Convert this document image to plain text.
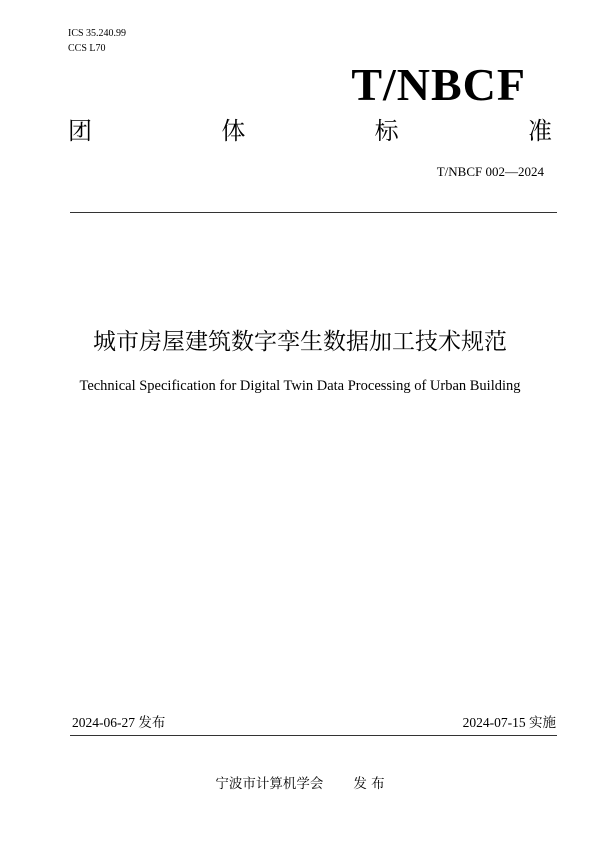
ICS 35.240.99
CCS L70
T/NBCF
团	体	标	准
T/NBCF 002—2024
城市房屋建筑数字孪生数据加工技术规范
Technical Specification for Digital Twin Data Processing of Urban Building
2024-06-27 发布	2024-07-15 实施
宁波市计算机学会 发 布
